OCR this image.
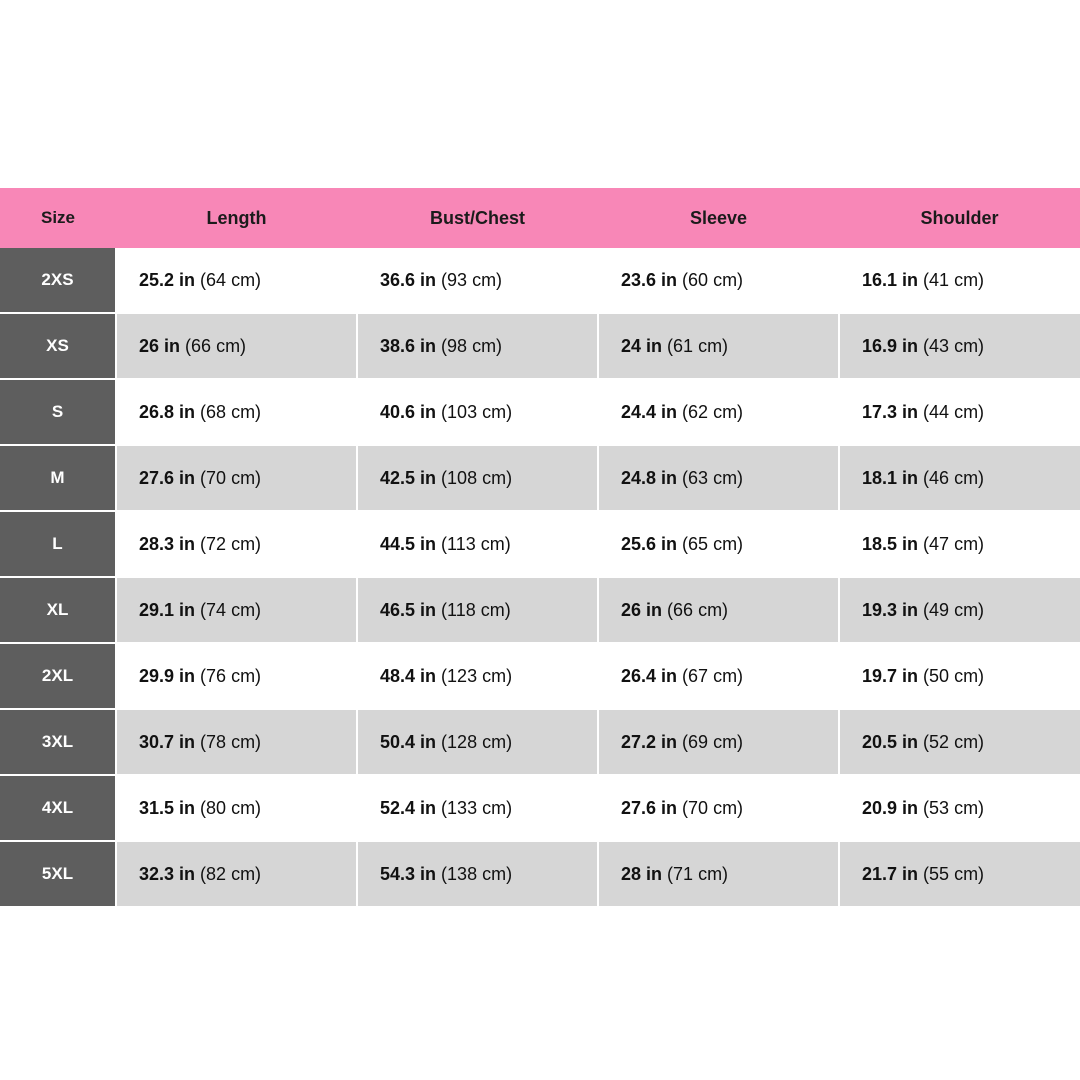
Size	Length	Bust/Chest	Sleeve	Shoulder
2XS	25.2 in (64 cm)	36.6 in (93 cm)	23.6 in (60 cm)	16.1 in (41 cm)
XS	26 in (66 cm)	38.6 in (98 cm)	24 in (61 cm)	16.9 in (43 cm)
S	26.8 in (68 cm)	40.6 in (103 cm)	24.4 in (62 cm)	17.3 in (44 cm)
M	27.6 in (70 cm)	42.5 in (108 cm)	24.8 in (63 cm)	18.1 in (46 cm)
L	28.3 in (72 cm)	44.5 in (113 cm)	25.6 in (65 cm)	18.5 in (47 cm)
XL	29.1 in (74 cm)	46.5 in (118 cm)	26 in (66 cm)	19.3 in (49 cm)
2XL	29.9 in (76 cm)	48.4 in (123 cm)	26.4 in (67 cm)	19.7 in (50 cm)
3XL	30.7 in (78 cm)	50.4 in (128 cm)	27.2 in (69 cm)	20.5 in (52 cm)
4XL	31.5 in (80 cm)	52.4 in (133 cm)	27.6 in (70 cm)	20.9 in (53 cm)
5XL	32.3 in (82 cm)	54.3 in (138 cm)	28 in (71 cm)	21.7 in (55 cm)
